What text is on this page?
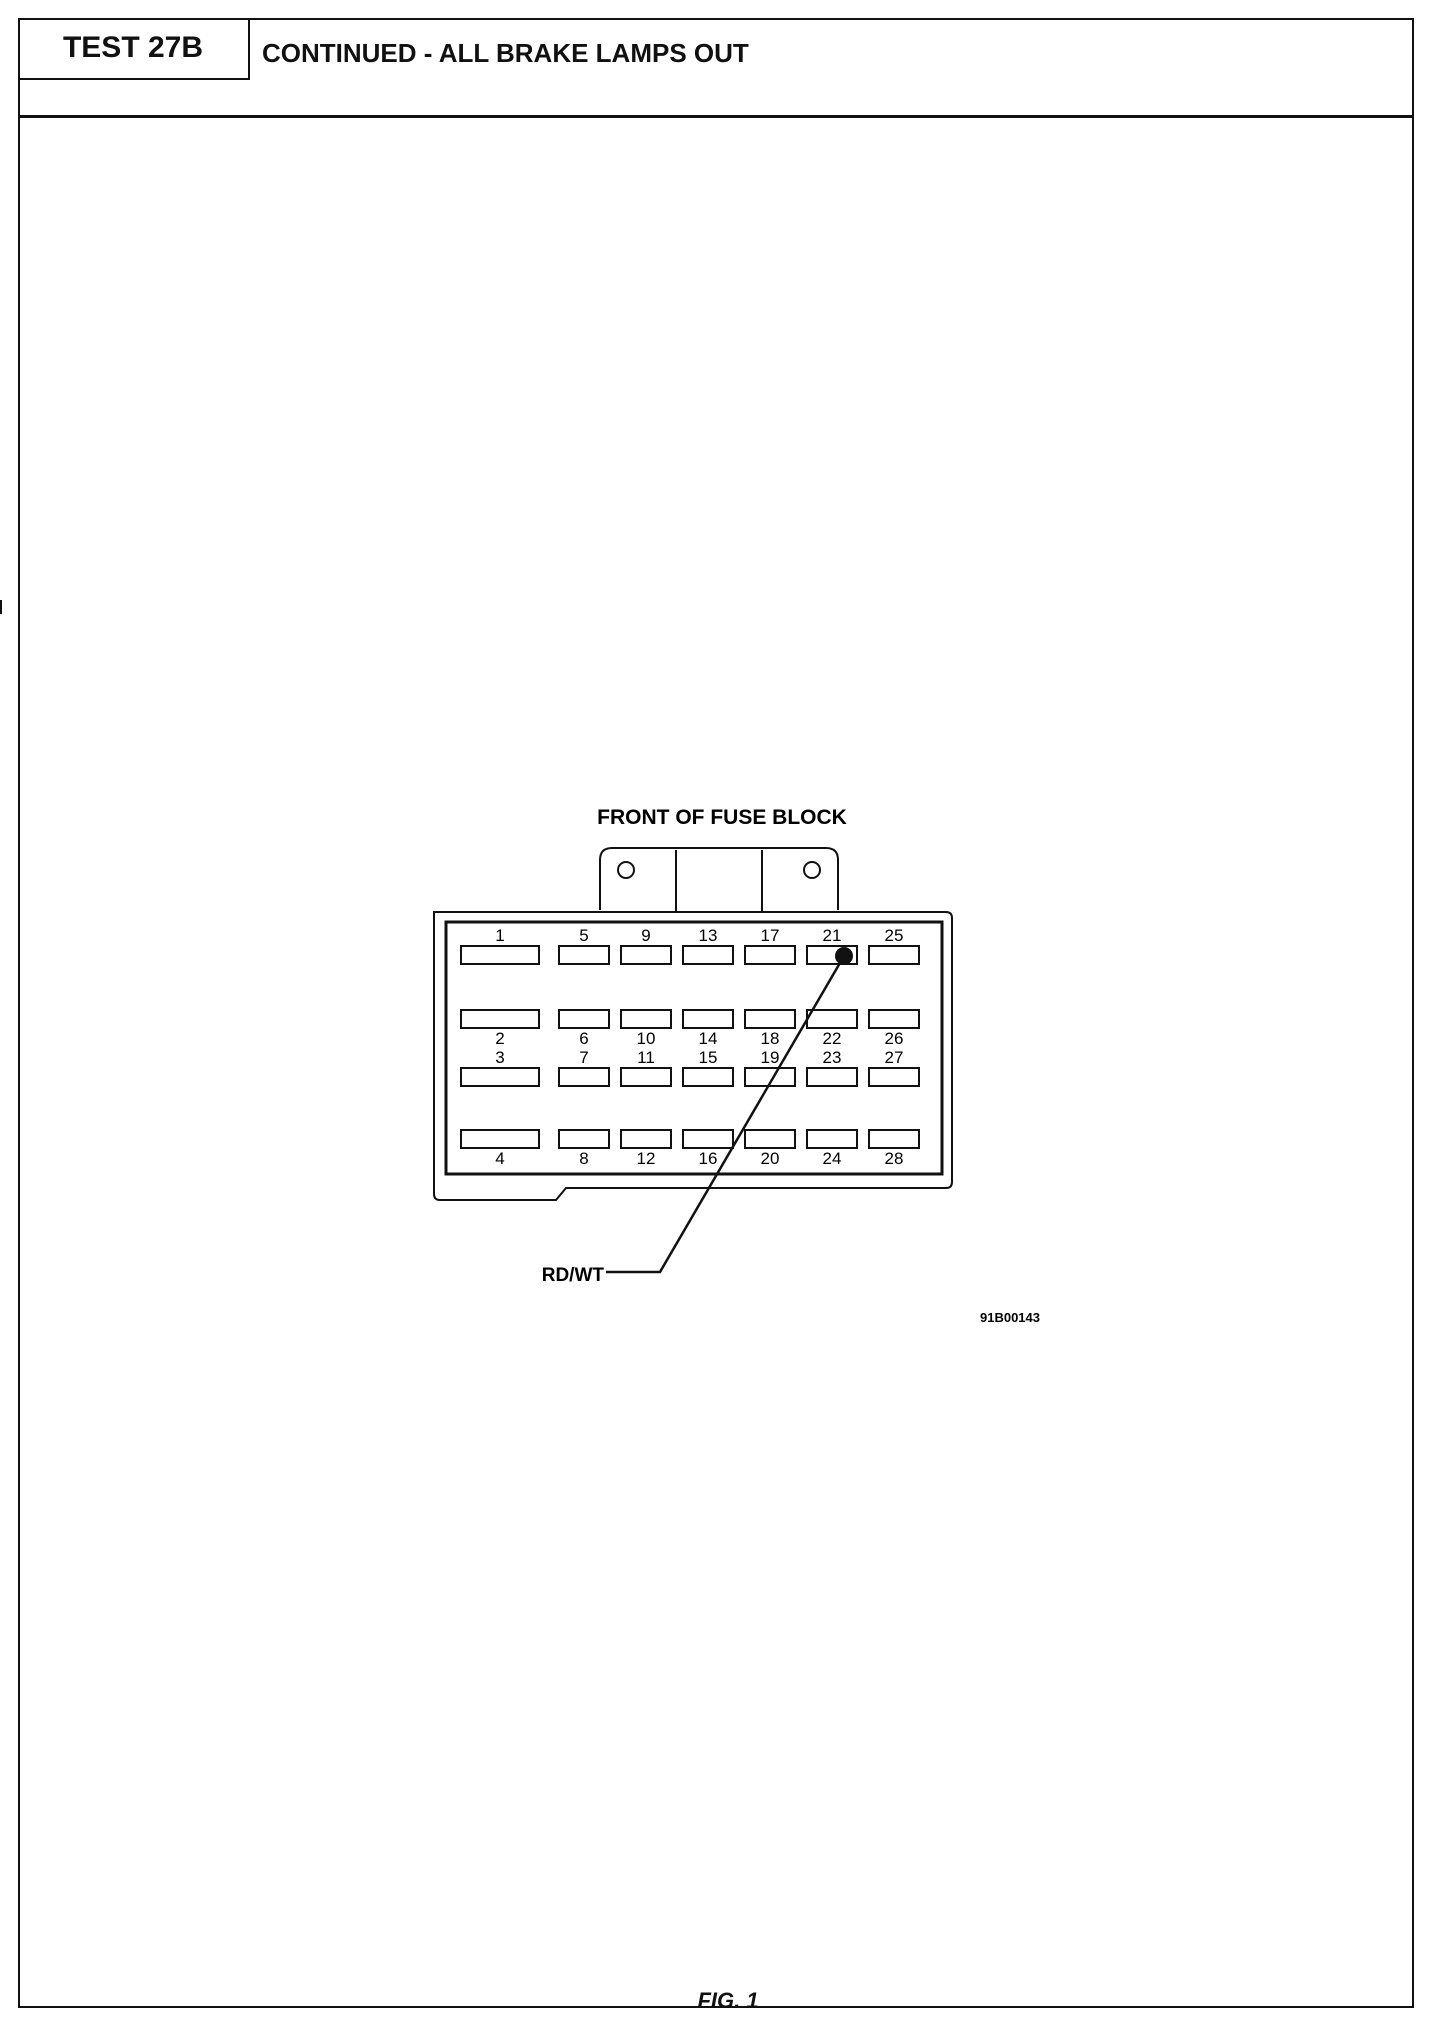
TEST 27B	CONTINUED - ALL BRAKE LAMPS OUT
FRONT OF FUSE BLOCK
1	5	9	13	17	21	25
2	6	10	14	18	22	26
3	7	11	15	19	23	27
4	8	12	16	20	24	28
RD/WT
91B00143
FIG. 1
